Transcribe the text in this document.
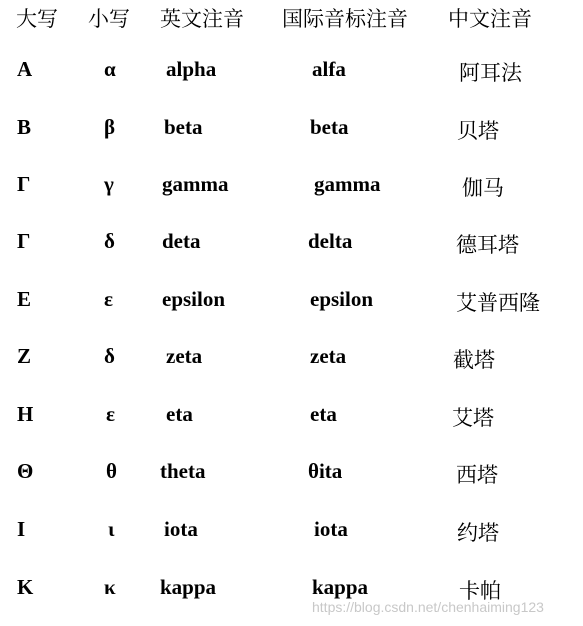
大写 小写 英文注音 国际音标注音 中文注音
Α	α alpha	alfa	阿耳法
Β	β beta	beta	贝塔
Γ	γ gamma	gamma	伽马
Γ	δ deta	delta	德耳塔
Ε	ε epsilon	epsilon	艾普西隆
Ζ	δ zeta	zeta	截塔
Η	ε eta	eta	艾塔
Θ	θ theta	θita	西塔
Ι	ι iota	iota	约塔
Κ	κ kappa	kappa	卡帕
https://blog.csdn.net/chenhaiming123
